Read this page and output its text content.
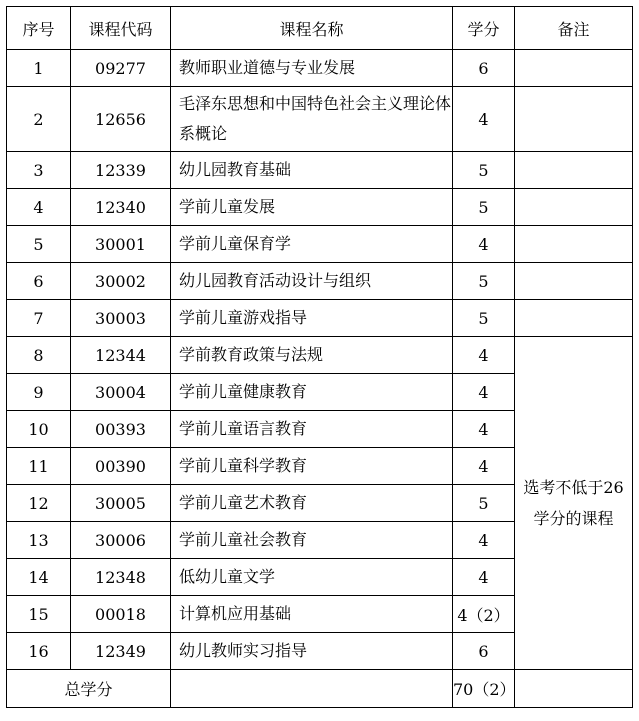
序号	课程代码	课程名称	学分	备注	
1	09277	教师职业道德与专业发展	6		
2	12656	毛泽东思想和中国特色社会主义理论体系概论	4		
3	12339	幼儿园教育基础	5		
4	12340	学前儿童发展	5		
5	30001	学前儿童保育学	4		
6	30002	幼儿园教育活动设计与组织	5		
7	30003	学前儿童游戏指导	5		
8	12344	学前教育政策与法规	4	选考不低于26学分的课程	
9	30004	学前儿童健康教育	4		
10	00393	学前儿童语言教育	4		
11	00390	学前儿童科学教育	4		
12	30005	学前儿童艺术教育	5		
13	30006	学前儿童社会教育	4		
14	12348	低幼儿童文学	4		
15	00018	计算机应用基础	4（2）		
16	12349	幼儿教师实习指导	6		
总学分			70（2）		
